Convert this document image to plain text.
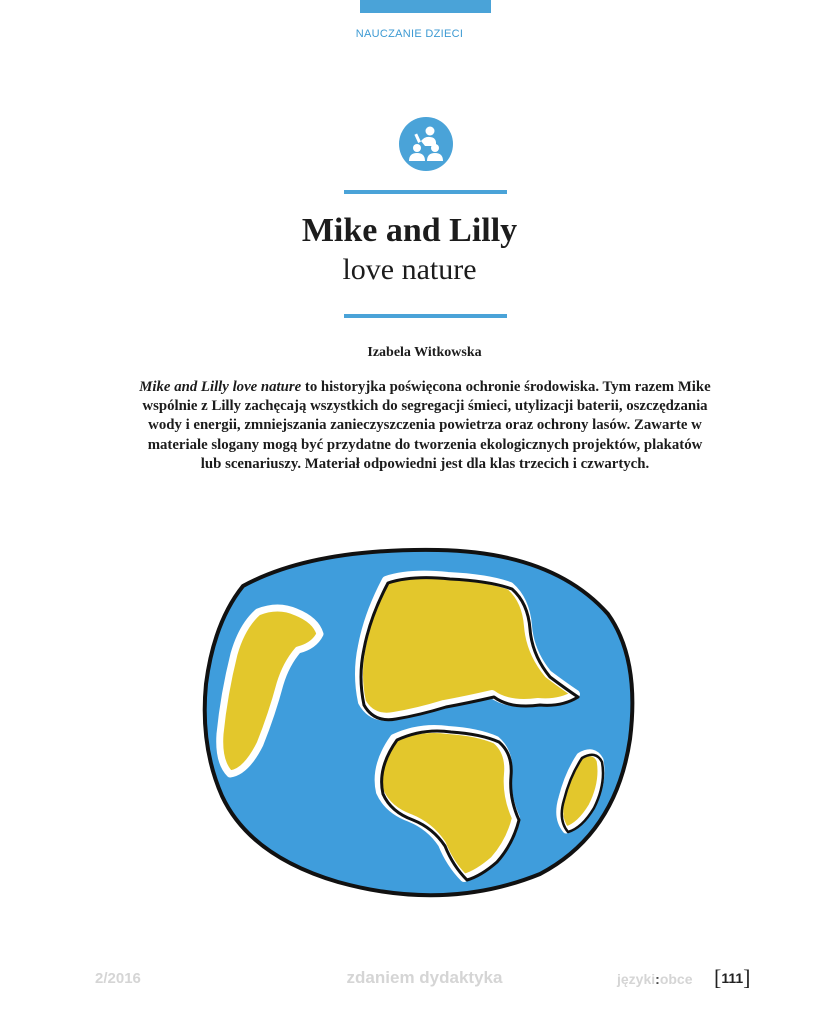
NAUCZANIE DZIECI
Mike and Lilly
love nature
Izabela Witkowska
Mike and Lilly love nature to historyjka poświęcona ochronie środowiska. Tym razem Mike wspólnie z Lilly zachęcają wszystkich do segregacji śmieci, utylizacji baterii, oszczędzania wody i energii, zmniejszania zanieczyszczenia powietrza oraz ochrony lasów. Zawarte w materiale slogany mogą być przydatne do tworzenia ekologicznych projektów, plakatów lub scenariuszy. Materiał odpowiedni jest dla klas trzecich i czwartych.
2/2016	zdaniem dydaktyka	języki:obce [111]
